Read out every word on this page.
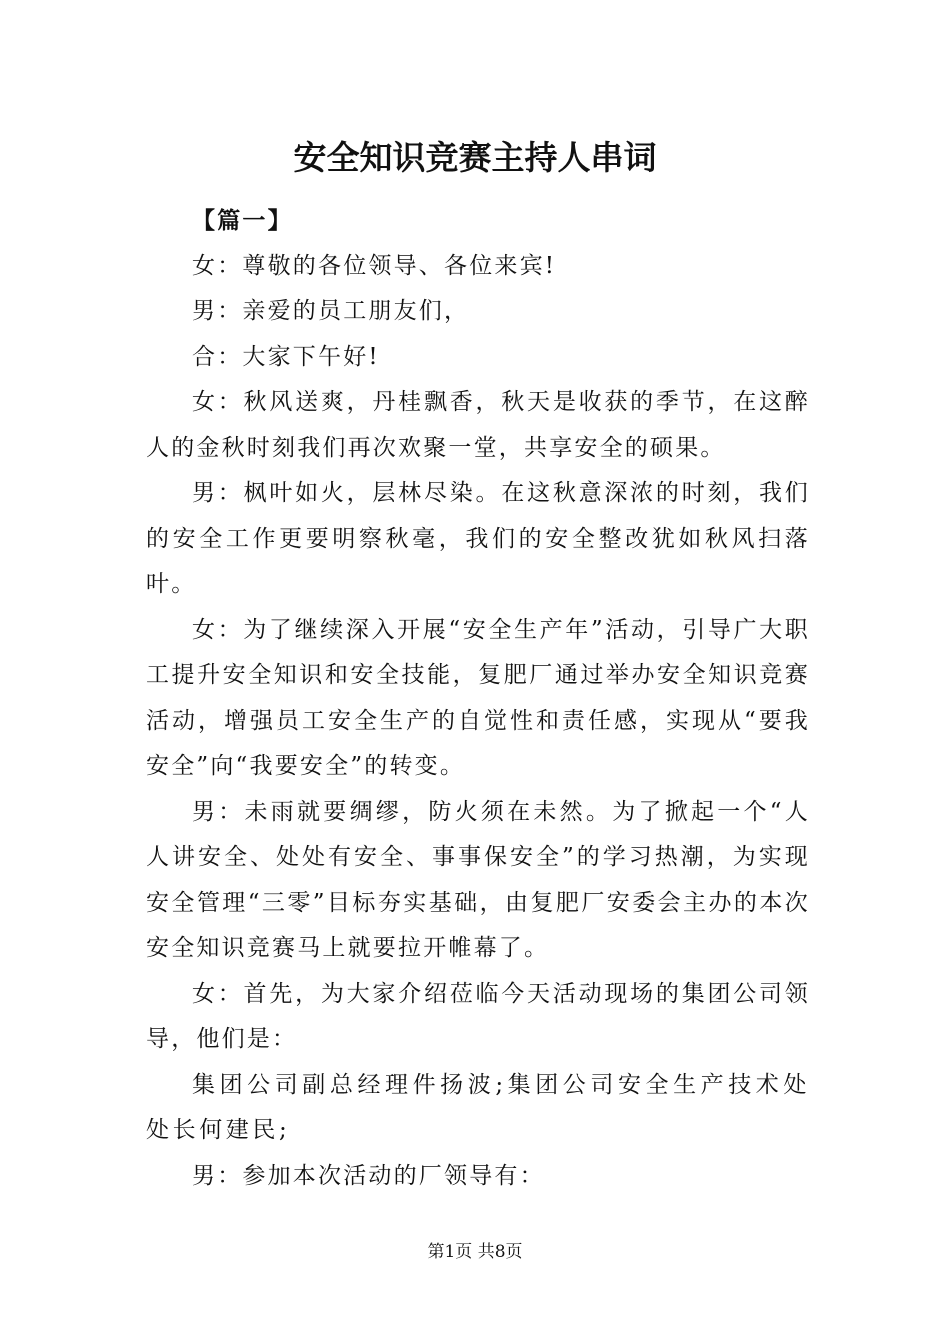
安全知识竞赛主持人串词

【篇一】

女：尊敬的各位领导、各位来宾!

男：亲爱的员工朋友们，

合：大家下午好!

女：秋风送爽，丹桂飘香，秋天是收获的季节，在这醉人的金秋时刻我们再次欢聚一堂，共享安全的硕果。

男：枫叶如火，层林尽染。在这秋意深浓的时刻，我们的安全工作更要明察秋毫，我们的安全整改犹如秋风扫落叶。

女：为了继续深入开展“安全生产年”活动，引导广大职工提升安全知识和安全技能，复肥厂通过举办安全知识竞赛活动，增强员工安全生产的自觉性和责任感，实现从“要我安全”向“我要安全”的转变。

男：未雨就要绸缪，防火须在未然。为了掀起一个“人人讲安全、处处有安全、事事保安全”的学习热潮，为实现安全管理“三零”目标夯实基础，由复肥厂安委会主办的本次安全知识竞赛马上就要拉开帷幕了。

女：首先，为大家介绍莅临今天活动现场的集团公司领导，他们是：

集团公司副总经理件扬波;集团公司安全生产技术处处长何建民;

男：参加本次活动的厂领导有：

第1页 共8页
